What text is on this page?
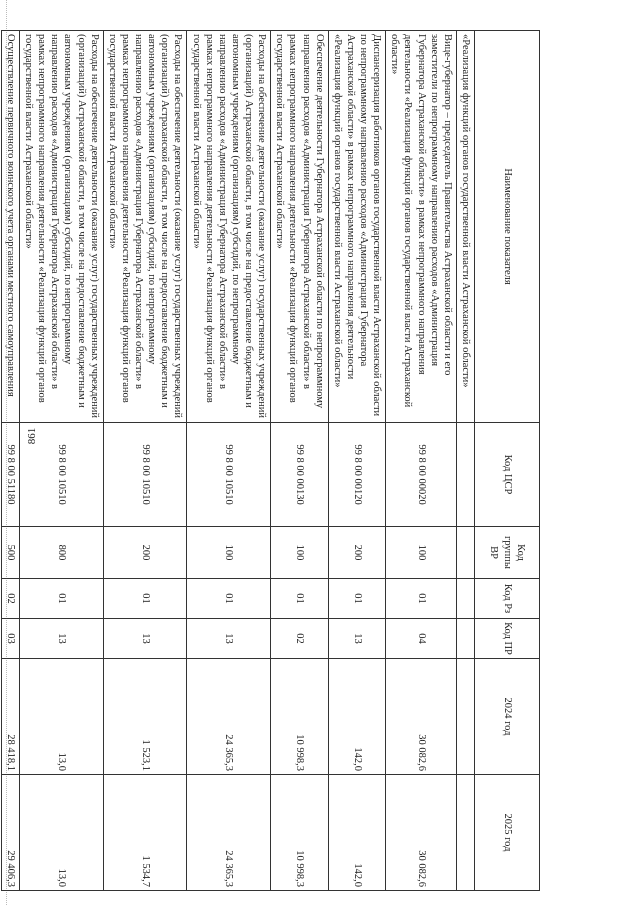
861
Наименование показателя	Код ЦСР	Код группы ВР	Код Рз	Код ПР	2024 год	2025 год
«Реализация функций органов государственной власти Астраханской области»						
Вице-губернатор – председатель Правительства Астраханской области и его заместители по непрограммному направлению расходов «Администрация Губернатора Астраханской области» в рамках непрограммного направления деятельности «Реализация функций органов государственной власти Астраханской области»	99 8 00 00020	100	01	04	30 082,6	30 082,6
Диспансеризация работников органов государственной власти Астраханской области по непрограммному направлению расходов «Администрация Губернатора Астраханской области» в рамках непрограммного направления деятельности «Реализация функций органов государственной власти Астраханской области»	99 8 00 00120	200	01	13	142,0	142,0
Обеспечение деятельности Губернатора Астраханской области по непрограммному направлению расходов «Администрация Губернатора Астраханской области» в рамках непрограммного направления деятельности «Реализация функций органов государственной власти Астраханской области»	99 8 00 00130	100	01	02	10 998,3	10 998,3
Расходы на обеспечение деятельности (оказание услуг) государственных учреждений (организаций) Астраханской области, в том числе на предоставление бюджетным и автономным учреждениям (организациям) субсидий, по непрограммному направлению расходов «Администрация Губернатора Астраханской области» в рамках непрограммного направления деятельности «Реализация функций органов государственной власти Астраханской области»	99 8 00 10510	100	01	13	24 365,3	24 365,3
Расходы на обеспечение деятельности (оказание услуг) государственных учреждений (организаций) Астраханской области, в том числе на предоставление бюджетным и автономным учреждениям (организациям) субсидий, по непрограммному направлению расходов «Администрация Губернатора Астраханской области» в рамках непрограммного направления деятельности «Реализация функций органов государственной власти Астраханской области»	99 8 00 10510	200	01	13	1 523,1	1 534,7
Расходы на обеспечение деятельности (оказание услуг) государственных учреждений (организаций) Астраханской области, в том числе на предоставление бюджетным и автономным учреждениям (организациям) субсидий, по непрограммному направлению расходов «Администрация Губернатора Астраханской области» в рамках непрограммного направления деятельности «Реализация функций органов государственной власти Астраханской области»	99 8 00 10510	800	01	13	13,0	13,0
Осуществление первичного воинского учета органами местного самоуправления	99 8 00 51180	500	02	03	28 418,1	29 406,3
